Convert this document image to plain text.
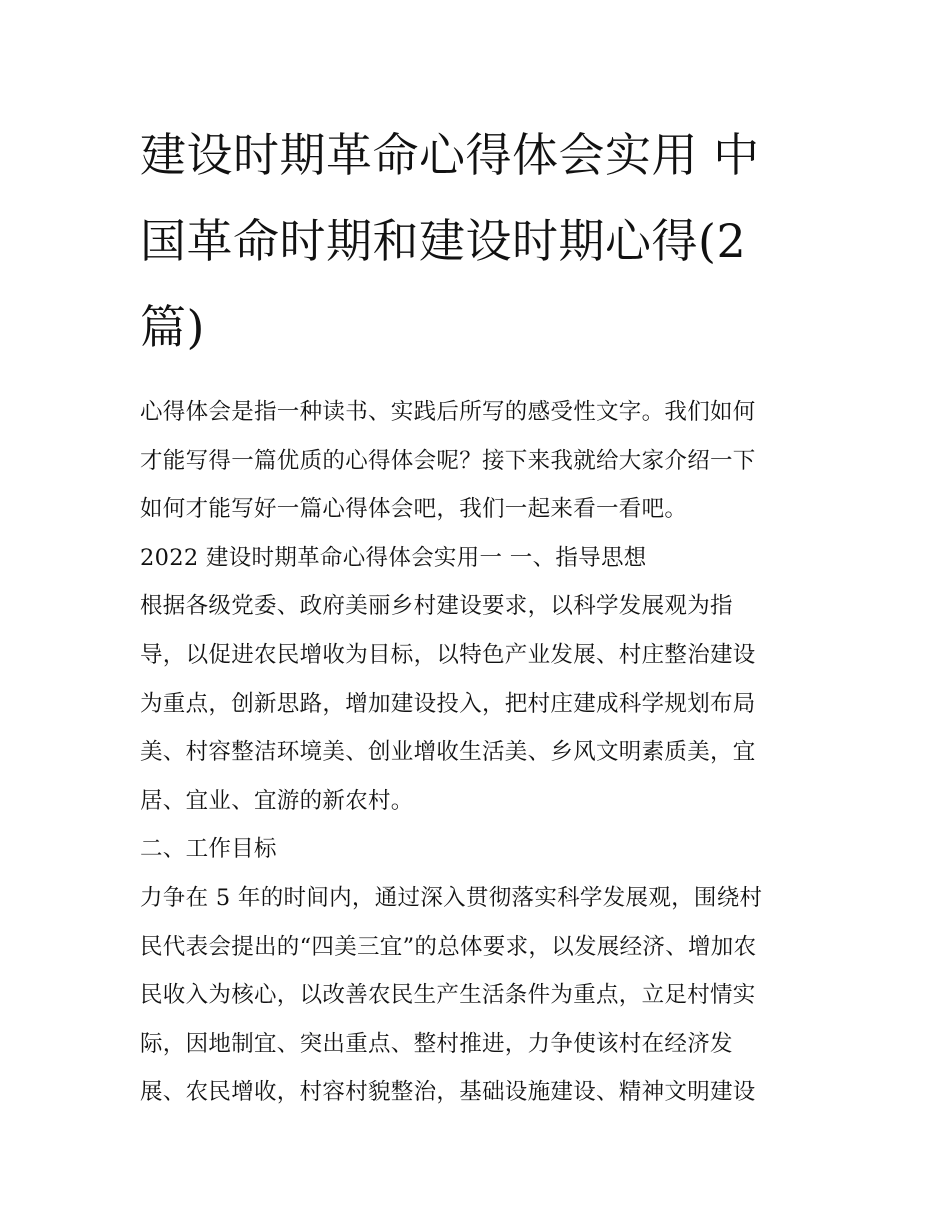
建设时期革命心得体会实用 中
国革命时期和建设时期心得(2
篇)

心得体会是指一种读书、实践后所写的感受性文字。我们如何
才能写得一篇优质的心得体会呢？接下来我就给大家介绍一下
如何才能写好一篇心得体会吧，我们一起来看一看吧。

2022 建设时期革命心得体会实用一 一、指导思想

根据各级党委、政府美丽乡村建设要求，以科学发展观为指
导，以促进农民增收为目标，以特色产业发展、村庄整治建设
为重点，创新思路，增加建设投入，把村庄建成科学规划布局
美、村容整洁环境美、创业增收生活美、乡风文明素质美，宜
居、宜业、宜游的新农村。

二、工作目标

力争在 5 年的时间内，通过深入贯彻落实科学发展观，围绕村
民代表会提出的“四美三宜”的总体要求，以发展经济、增加农
民收入为核心，以改善农民生产生活条件为重点，立足村情实
际，因地制宜、突出重点、整村推进，力争使该村在经济发
展、农民增收，村容村貌整治，基础设施建设、精神文明建设
